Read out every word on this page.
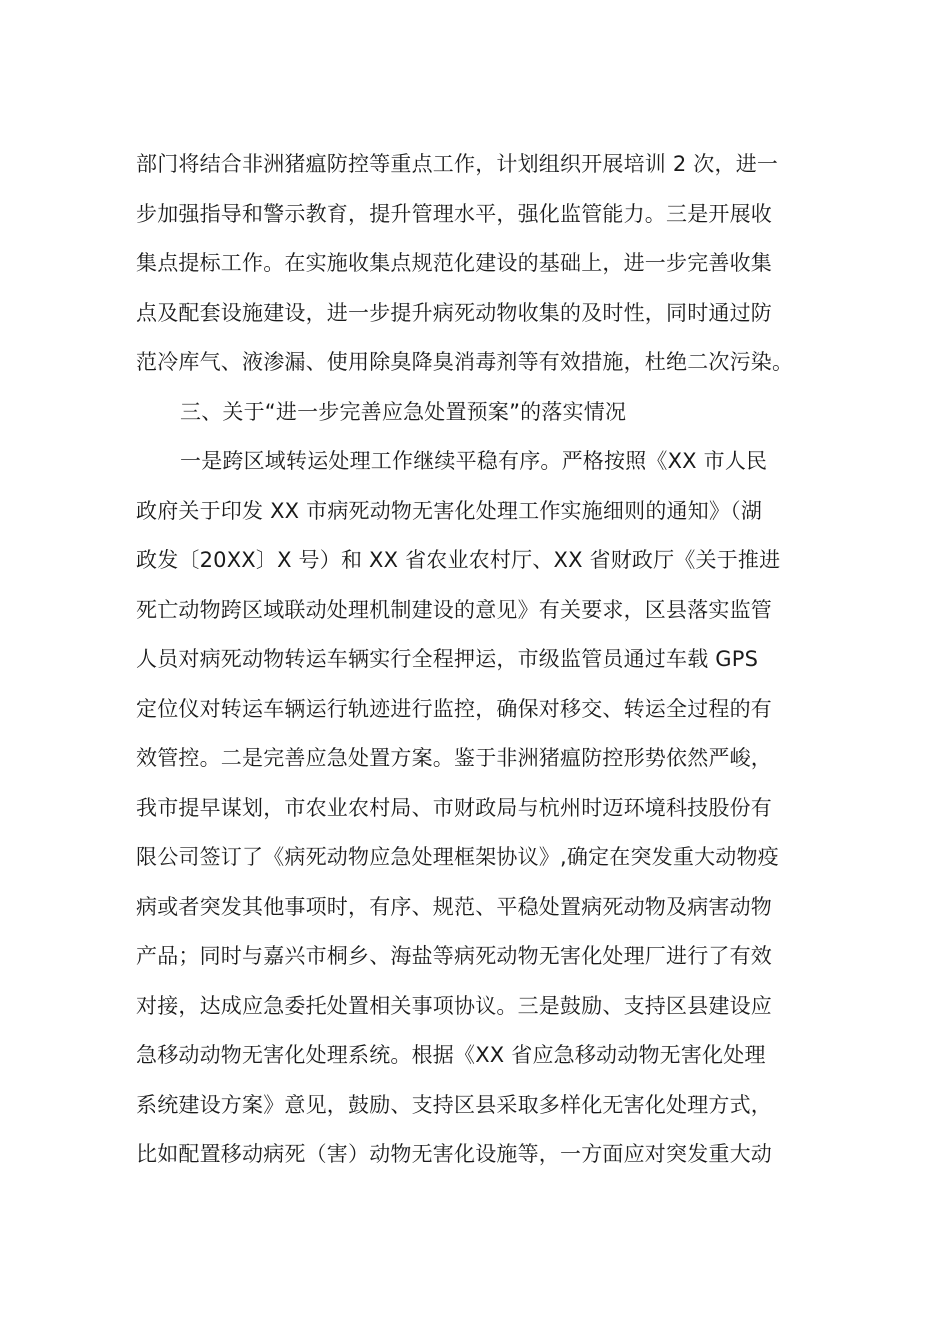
部门将结合非洲猪瘟防控等重点工作，计划组织开展培训 2 次，进一
步加强指导和警示教育，提升管理水平，强化监管能力。三是开展收
集点提标工作。在实施收集点规范化建设的基础上，进一步完善收集
点及配套设施建设，进一步提升病死动物收集的及时性，同时通过防
范冷库气、液渗漏、使用除臭降臭消毒剂等有效措施，杜绝二次污染。
三、关于“进一步完善应急处置预案”的落实情况
一是跨区域转运处理工作继续平稳有序。严格按照《XX 市人民
政府关于印发 XX 市病死动物无害化处理工作实施细则的通知》（湖
政发〔20XX〕X 号）和 XX 省农业农村厅、XX 省财政厅《关于推进
死亡动物跨区域联动处理机制建设的意见》有关要求，区县落实监管
人员对病死动物转运车辆实行全程押运，市级监管员通过车载 GPS
定位仪对转运车辆运行轨迹进行监控，确保对移交、转运全过程的有
效管控。二是完善应急处置方案。鉴于非洲猪瘟防控形势依然严峻，
我市提早谋划，市农业农村局、市财政局与杭州时迈环境科技股份有
限公司签订了《病死动物应急处理框架协议》,确定在突发重大动物疫
病或者突发其他事项时，有序、规范、平稳处置病死动物及病害动物
产品；同时与嘉兴市桐乡、海盐等病死动物无害化处理厂进行了有效
对接，达成应急委托处置相关事项协议。三是鼓励、支持区县建设应
急移动动物无害化处理系统。根据《XX 省应急移动动物无害化处理
系统建设方案》意见，鼓励、支持区县采取多样化无害化处理方式，
比如配置移动病死（害）动物无害化设施等，一方面应对突发重大动
